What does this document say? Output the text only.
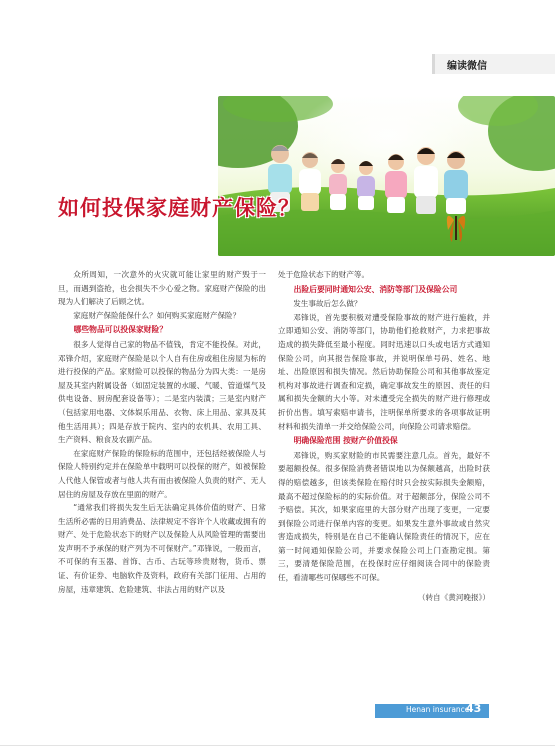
编读微信
如何投保家庭财产保险？

众所周知，一次意外的火灾就可能让家里的财产毁于一旦，而遇到盗抢，也会损失不少心爱之物。家庭财产保险的出现为人们解决了后顾之忧。

家庭财产保险能保什么？如何购买家庭财产保险？

哪些物品可以投保家财险？

很多人觉得自己家的物品不值钱，肯定不能投保。对此，邓锋介绍，家庭财产保险是以个人自有住房或租住房屋为标的进行投保的产品。家财险可以投保的物品分为四大类：一是房屋及其室内附属设备（如固定装置的水暖、气暖、管道煤气及供电设备、厨房配套设备等）；二是室内装潢；三是室内财产（包括家用电器、文体娱乐用品、衣物、床上用品、家具及其他生活用具）；四是存放于院内、室内的农机具、农用工具、生产资料、粮食及农副产品。

在家庭财产保险的保险标的范围中，还包括经被保险人与保险人特别约定并在保险单中载明可以投保的财产，如被保险人代他人保管或者与他人共有而由被保险人负责的财产、无人居住的房屋及存放在里面的财产。

“通常我们将损失发生后无法确定具体价值的财产、日常生活所必需的日用消费品、法律规定不容许个人收藏或拥有的财产、处于危险状态下的财产以及保险人从风险管理的需要出发声明不予承保的财产列为不可保财产。”邓锋说，一般而言，不可保的有玉器、首饰、古币、古玩等珍贵财物，货币、票证、有价证券、电脑软件及资料，政府有关部门征用、占用的房屋，违章建筑、危险建筑、非法占用的财产以及

处于危险状态下的财产等。

出险后要同时通知公安、消防等部门及保险公司

发生事故后怎么做？

邓锋说，首先要积极对遭受保险事故的财产进行施救，并立即通知公安、消防等部门，协助他们抢救财产，力求把事故造成的损失降低至最小程度。同时迅速以口头或电话方式通知保险公司，向其报告保险事故，并说明保单号码、姓名、地址、出险原因和损失情况。然后协助保险公司和其他事故鉴定机构对事故进行调查和定损，确定事故发生的原因、责任的归属和损失金额的大小等。对未遭受完全损失的财产进行修理或折价出售。填写索赔申请书，注明保单所要求的各项事故证明材料和损失清单一并交给保险公司，向保险公司请求赔偿。

明确保险范围 按财产价值投保

邓锋说，购买家财险的市民需要注意几点。首先，最好不要超额投保。很多保险消费者错误地以为保额越高，出险时获得的赔偿越多，但该类保险在赔付时只会按实际损失金额赔，最高不超过保险标的的实际价值。对于超额部分，保险公司不予赔偿。其次，如果家庭里的大部分财产出现了变更，一定要到保险公司进行保单内容的变更。如果发生意外事故或自然灾害造成损失，特别是在自己不能确认保险责任的情况下，应在第一时间通知保险公司，并要求保险公司上门查勘定损。第三，要清楚保险范围，在投保时应仔细阅读合同中的保险责任，看清哪些可保哪些不可保。

（转自《黄河晚报》）

Henan insurance
43
